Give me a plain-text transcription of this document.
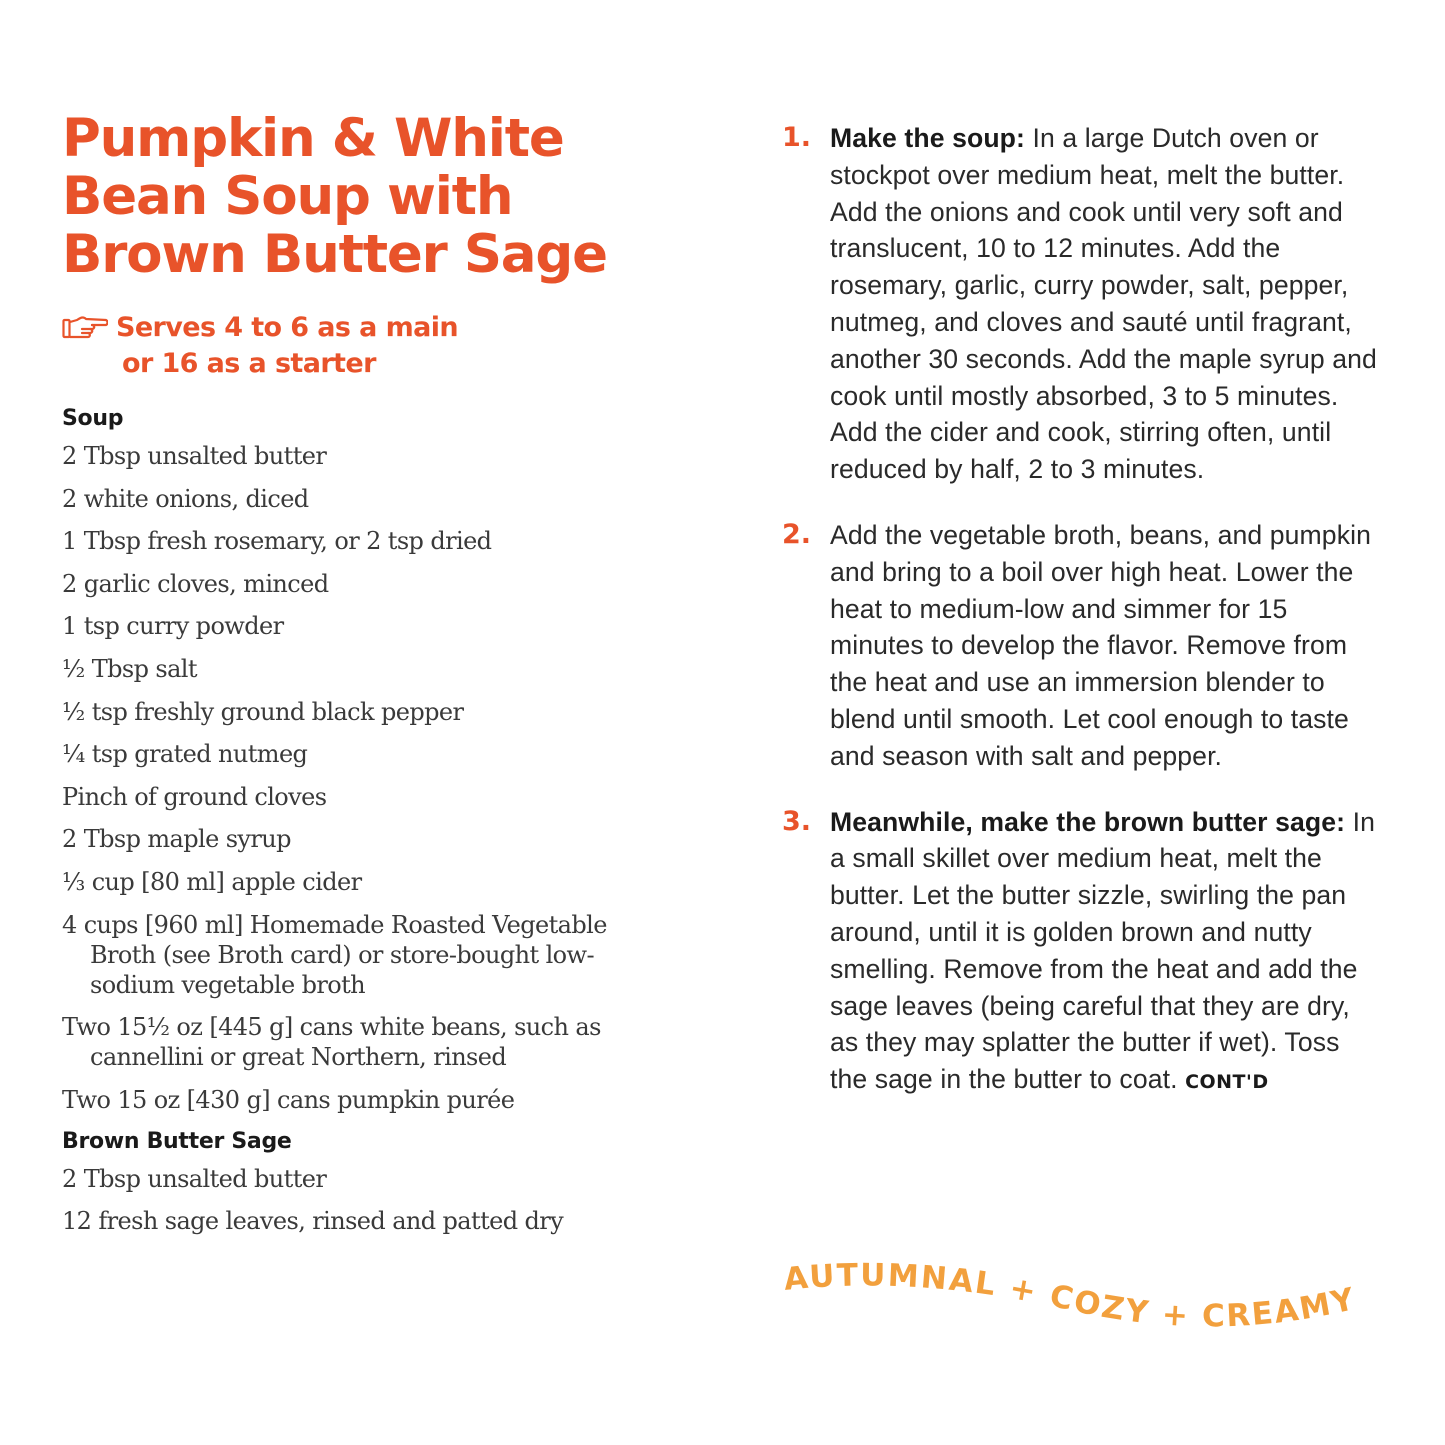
Pumpkin & White
Bean Soup with
Brown Butter Sage
Serves 4 to 6 as a main
or 16 as a starter
Soup
2 Tbsp unsalted butter
2 white onions, diced
1 Tbsp fresh rosemary, or 2 tsp dried
2 garlic cloves, minced
1 tsp curry powder
½ Tbsp salt
½ tsp freshly ground black pepper
¼ tsp grated nutmeg
Pinch of ground cloves
2 Tbsp maple syrup
⅓ cup [80 ml] apple cider
4 cups [960 ml] Homemade Roasted Vegetable Broth (see Broth card) or store-bought low-sodium vegetable broth
Two 15½ oz [445 g] cans white beans, such as cannellini or great Northern, rinsed
Two 15 oz [430 g] cans pumpkin purée
Brown Butter Sage
2 Tbsp unsalted butter
12 fresh sage leaves, rinsed and patted dry
1. Make the soup: In a large Dutch oven or stockpot over medium heat, melt the butter. Add the onions and cook until very soft and translucent, 10 to 12 minutes. Add the rosemary, garlic, curry powder, salt, pepper, nutmeg, and cloves and sauté until fragrant, another 30 seconds. Add the maple syrup and cook until mostly absorbed, 3 to 5 minutes. Add the cider and cook, stirring often, until reduced by half, 2 to 3 minutes.

2. Add the vegetable broth, beans, and pumpkin and bring to a boil over high heat. Lower the heat to medium-low and simmer for 15 minutes to develop the flavor. Remove from the heat and use an immersion blender to blend until smooth. Let cool enough to taste and season with salt and pepper.

3. Meanwhile, make the brown butter sage: In a small skillet over medium heat, melt the butter. Let the butter sizzle, swirling the pan around, until it is golden brown and nutty smelling. Remove from the heat and add the sage leaves (being careful that they are dry, as they may splatter the butter if wet). Toss the sage in the butter to coat. CONT'D

AUTUMNAL + COZY + CREAMY
